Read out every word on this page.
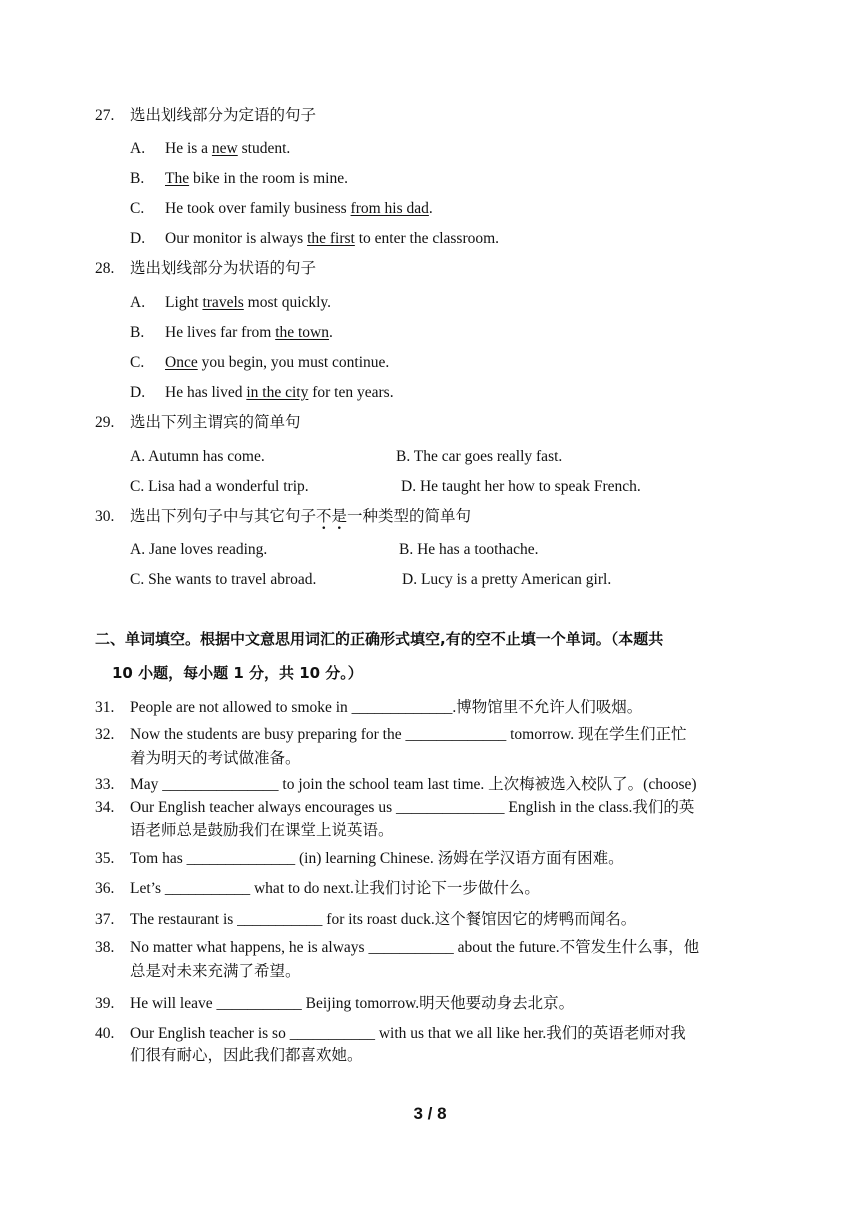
27. 选出划线部分为定语的句子
A. He is a new student.
B. The bike in the room is mine.
C. He took over family business from his dad.
D. Our monitor is always the first to enter the classroom.
28. 选出划线部分为状语的句子
A. Light travels most quickly.
B. He lives far from the town.
C. Once you begin, you must continue.
D. He has lived in the city for ten years.
29. 选出下列主谓宾的简单句
A. Autumn has come.	B. The car goes really fast.
C. Lisa had a wonderful trip.	D. He taught her how to speak French.
30. 选出下列句子中与其它句子不是一种类型的简单句
A. Jane loves reading.	B. He has a toothache.
C. She wants to travel abroad.	D. Lucy is a pretty American girl.
二、单词填空。根据中文意思用词汇的正确形式填空,有的空不止填一个单词。（本题共
10 小题，每小题 1 分，共 10 分。）
31. People are not allowed to smoke in _____________.博物馆里不允许人们吸烟。
32. Now the students are busy preparing for the _____________ tomorrow. 现在学生们正忙
着为明天的考试做准备。
33. May _______________ to join the school team last time. 上次梅被选入校队了。(choose)
34. Our English teacher always encourages us ______________ English in the class.我们的英
语老师总是鼓励我们在课堂上说英语。
35. Tom has ______________ (in) learning Chinese. 汤姆在学汉语方面有困难。
36. Let’s ___________ what to do next.让我们讨论下一步做什么。
37. The restaurant is ___________ for its roast duck.这个餐馆因它的烤鸭而闻名。
38. No matter what happens, he is always ___________ about the future.不管发生什么事，他
总是对未来充满了希望。
39. He will leave ___________ Beijing tomorrow.明天他要动身去北京。
40. Our English teacher is so ___________ with us that we all like her.我们的英语老师对我
们很有耐心，因此我们都喜欢她。
3 / 8
